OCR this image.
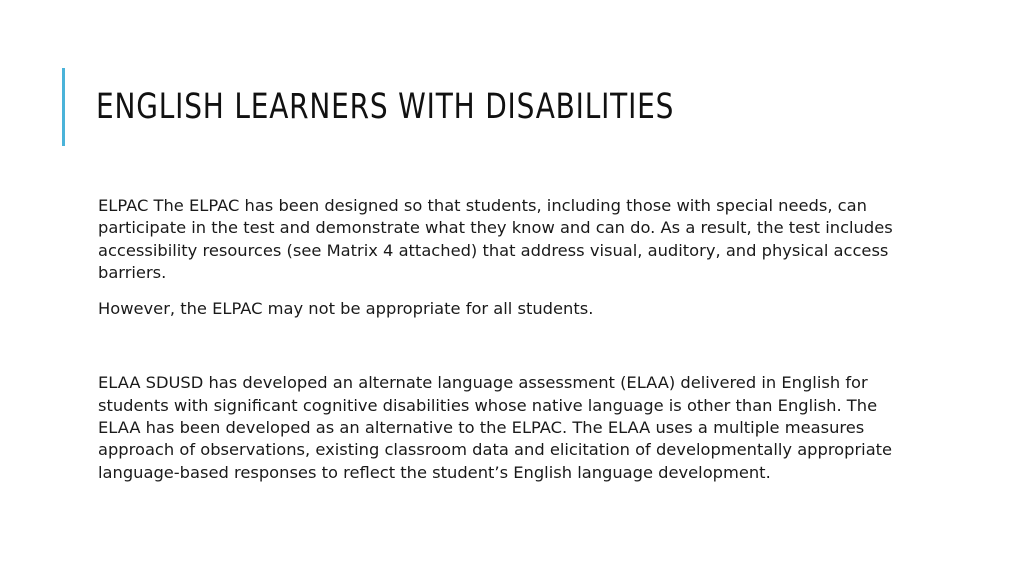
ENGLISH LEARNERS WITH DISABILITIES

ELPAC The ELPAC has been designed so that students, including those with special needs, can participate in the test and demonstrate what they know and can do. As a result, the test includes accessibility resources (see Matrix 4 attached) that address visual, auditory, and physical access barriers.

However, the ELPAC may not be appropriate for all students.

ELAA SDUSD has developed an alternate language assessment (ELAA) delivered in English for students with significant cognitive disabilities whose native language is other than English. The ELAA has been developed as an alternative to the ELPAC. The ELAA uses a multiple measures approach of observations, existing classroom data and elicitation of developmentally appropriate language-based responses to reflect the student’s English language development.
